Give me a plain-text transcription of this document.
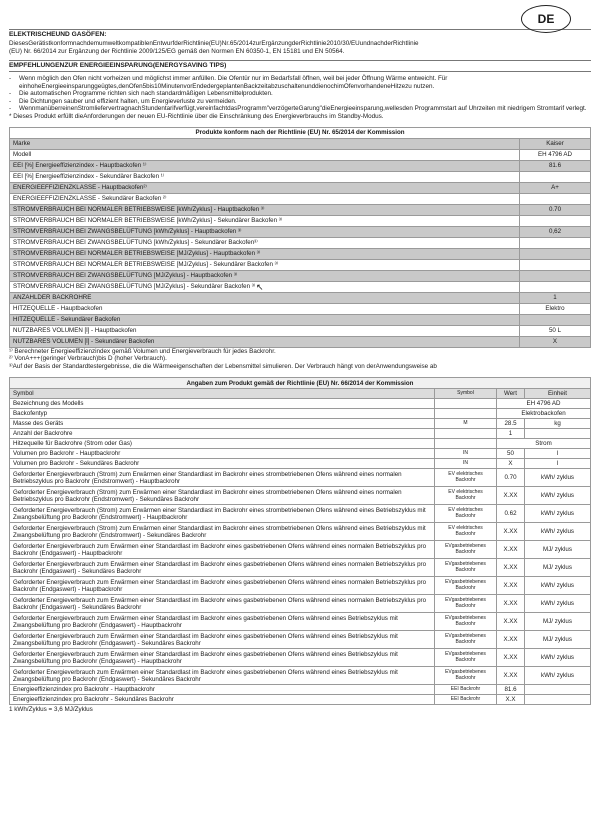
DE
ELEKTRISCHEUND GASÖFEN:
DiesesGerätistkonformnachdemumweltkompatiblenEntwurfderRichtlinie(EU)Nr.65/2014zurErgänzungderRichtlinie2010/30/EUundnachderRichtlinie
(EU) Nr. 66/2014 zur Ergänzung der Richtlinie 2009/125/EG gemäß den Normen EN 60350-1, EN 15181 und EN 50564.
EMPFEHLUNGENZUR ENERGIEEINSPARUNG(ENERGYSAVING TIPS)
-	Wenn möglich den Ofen nicht vorheizen und möglichst immer anfüllen. Die Ofentür nur im Bedarfsfall öffnen, weil bei jeder Öffnung Wärme entweicht. Für einhoheEnergieeinsparunggeügtes,denOfen5bis10MinutenvorEndedergeplantenBackzeitabzuschaltenunddienochimOfenvorhandeneHitzezu nutzen.
-	Die automatischen Programme richten sich nach standardmäßigen Lebensmittelprodukten.
-	Die Dichtungen sauber und effizient halten, um Energieverluste zu vermeiden.
-	WennmanüberreinenStromliefervertragnachStundentarifverfügt,vereinfachtdasProgramm"verzögerteGarung"dieEnergieeinsparung,wellesden Programmstart auf Uhrzeiten mit niedrigem Stromtarif verlegt.
* Dieses Produkt erfüllt dieAnforderungen der neuen EU-Richtlinie über die Einschränkung des Energieverbrauchs im Standby-Modus.
Produkte konform nach der Richtlinie (EU) Nr. 65/2014 der Kommission	
Marke	Kaiser
Modell	EH 4796 AD
EEI [%] Energieeffizienzindex - Hauptbackofen ¹⁾	81.6
EEI [%] Energieeffizienzindex - Sekundärer Backofen ¹⁾	
ENERGIEEFFIZIENZKLASSE - Hauptbackofen²⁾	A+
ENERGIEEFFIZIENZKLASSE - Sekundärer Backofen ²⁾	
STROMVERBRAUCH BEI NORMALER BETRIEBSWEISE [kWh/Zyklus] - Hauptbackofen ³⁾	0.70
STROMVERBRAUCH BEI NORMALER BETRIEBSWEISE [kWh/Zyklus] - Sekundärer Backofen ³⁾	
STROMVERBRAUCH BEI ZWANGSBELÜFTUNG [kWh/Zyklus] - Hauptbackofen ³⁾	0,62
STROMVERBRAUCH BEI ZWANGSBELÜFTUNG [kWh/Zyklus] - Sekundärer Backofen³⁾	
STROMVERBRAUCH BEI NORMALER BETRIEBSWEISE [MJ/Zyklus] - Hauptbackofen ³⁾	
STROMVERBRAUCH BEI NORMALER BETRIEBSWEISE [MJ/Zyklus] - Sekundärer Backofen ³⁾	
STROMVERBRAUCH BEI ZWANGSBELÜFTUNG [MJ/Zyklus] - Hauptbackofen ³⁾	
STROMVERBRAUCH BEI ZWANGSBELÜFTUNG [MJ/Zyklus] - Sekundärer Backofen ³⁾	
ANZAHLDER BACKROHRE	1
HITZEQUELLE - Hauptbackofen	Elektro
HITZEQUELLE - Sekundärer Backofen	
NUTZBARES VOLUMEN [l] - Hauptbackofen	50 L
NUTZBARES VOLUMEN [l] - Sekundärer Backofen	X
¹⁾ Berechneter Energieeffizienzindex gemäß Volumen und Energieverbrauch für jedes Backrohr.
²⁾ VonA+++(geringer Verbrauch)bis D (hoher Verbrauch).
³⁾Auf der Basis der Standardtestergebnisse, die die Wärmeeigenschaften der Lebensmittel simulieren. Der Verbrauch hängt von derAnwendungsweise ab
Angaben zum Produkt gemäß der Richtlinie (EU) Nr. 66/2014 der Kommission			
Symbol	Symbol	Wert	Einheit
Bezeichnung des Modells		EH 4796 AD	
Backofentyp		Elektrobackofen	
Masse des Geräts	M	28.5	kg
Anzahl der Backrohre		1	
Hitzequelle für Backrohre (Strom oder Gas)		Strom	
Volumen pro Backrohr - Hauptbackrohr	IN	50	l
Volumen pro Backrohr - Sekundäres Backrohr	IN	X	l
Geforderter Energieverbrauch (Strom) zum Erwärmen einer Standardlast im Backrohr eines strombetriebenen Ofens während eines normalen Betriebszyklus pro Backrohr (Endstromwert) - Hauptbackrohr	EV elektrisches Backrohr	0.70	kWh/ zyklus
Geforderter Energieverbrauch (Strom) zum Erwärmen einer Standardlast im Backrohr eines strombetriebenen Ofens während eines normalen Betriebszyklus pro Backrohr (Endstromwert) - Sekundäres Backrohr	EV elektrisches Backrohr	X.XX	kWh/ zyklus
Geforderter Energieverbrauch (Strom) zum Erwärmen einer Standardlast im Backrohr eines strombetriebenen Ofens während eines Betriebszyklus mit Zwangsbelüftung pro Backrohr (Endstromwert) - Hauptbackrohr	EV elektrisches Backrohr	0.62	kWh/ zyklus
Geforderter Energieverbrauch (Strom) zum Erwärmen einer Standardlast im Backrohr eines strombetriebenen Ofens während eines Betriebszyklus mit Zwangsbelüftung pro Backrohr (Endstromwert) - Sekundäres Backrohr	EV elektrisches Backrohr	X.XX	kWh/ zyklus
Geforderter Energieverbrauch zum Erwärmen einer Standardlast im Backrohr eines gasbetriebenen Ofens während eines normalen Betriebszyklus pro Backrohr (Endgaswert) - Hauptbackrohr	EVgasbetriebenes Backrohr	X.XX	MJ/ zyklus
Geforderter Energieverbrauch zum Erwärmen einer Standardlast im Backrohr eines gasbetriebenen Ofens während eines normalen Betriebszyklus pro Backrohr (Endgaswert) - Sekundäres Backrohr	EVgasbetriebenes Backrohr	X.XX	MJ/ zyklus
Geforderter Energieverbrauch zum Erwärmen einer Standardlast im Backrohr eines gasbetriebenen Ofens während eines normalen Betriebszyklus pro Backrohr (Endgaswert) - Hauptbackrohr	EVgasbetriebenes Backrohr	X.XX	kWh/ zyklus
Geforderter Energieverbrauch zum Erwärmen einer Standardlast im Backrohr eines gasbetriebenen Ofens während eines normalen Betriebszyklus pro Backrohr (Endgaswert) - Sekundäres Backrohr	EVgasbetriebenes Backrohr	X.XX	kWh/ zyklus
Geforderter Energieverbrauch zum Erwärmen einer Standardlast im Backrohr eines gasbetriebenen Ofens während eines Betriebszyklus mit Zwangsbelüftung pro Backrohr (Endgaswert) - Hauptbackrohr	EVgasbetriebenes Backrohr	X.XX	MJ/ zyklus
Geforderter Energieverbrauch zum Erwärmen einer Standardlast im Backrohr eines gasbetriebenen Ofens während eines Betriebszyklus mit Zwangsbelüftung pro Backrohr (Endgaswert) - Sekundäres Backrohr	EVgasbetriebenes Backrohr	X.XX	MJ/ zyklus
Geforderter Energieverbrauch zum Erwärmen einer Standardlast im Backrohr eines gasbetriebenen Ofens während eines Betriebszyklus mit Zwangsbelüftung pro Backrohr (Endgaswert) - Hauptbackrohr	EVgasbetriebenes Backrohr	X.XX	kWh/ zyklus
Geforderter Energieverbrauch zum Erwärmen einer Standardlast im Backrohr eines gasbetriebenen Ofens während eines Betriebszyklus mit Zwangsbelüftung pro Backrohr (Endgaswert) - Sekundäres Backrohr	EVgasbetriebenes Backrohr	X.XX	kWh/ zyklus
Energieeffizienzindex pro Backrohr - Hauptbackrohr	EEI Backrohr	81.6	
Energieeffizienzindex pro Backrohr - Sekundäres Backrohr	EEI Backrohr	X.X	
1 kWh/Zyklus = 3,6 MJ/Zyklus
↖
